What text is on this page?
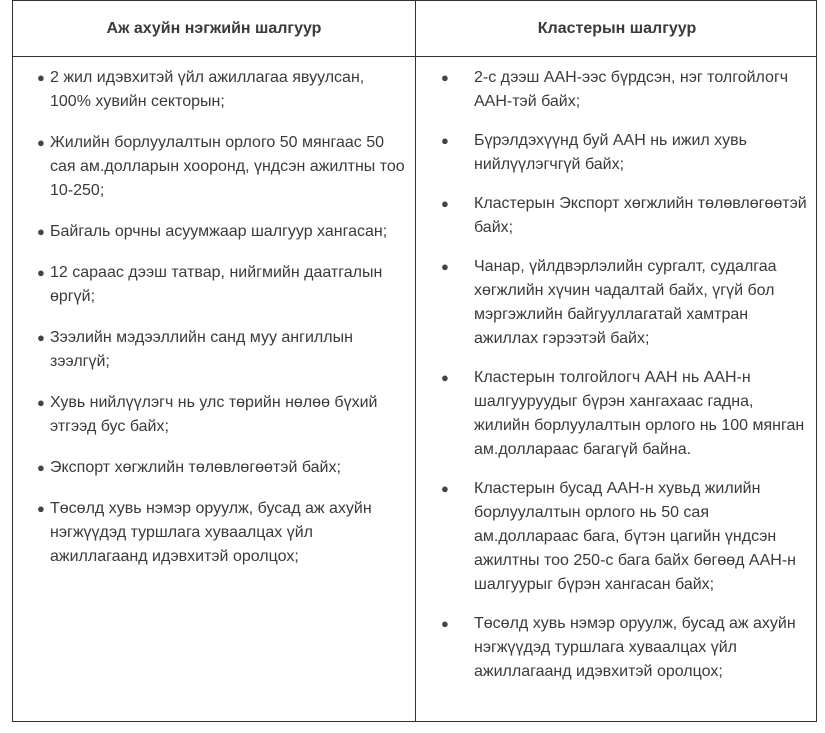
Аж ахуйн нэгжийн шалгуур	Кластерын шалгуур
● 2 жил идэвхитэй үйл ажиллагаа явуулсан, 100% хувийн секторын;
● Жилийн борлуулалтын орлого 50 мянгаас 50 сая ам.долларын хооронд, үндсэн ажилтны тоо 10-250;
● Байгаль орчны асуумжаар шалгуур хангасан;
● 12 сараас дээш татвар, нийгмийн даатгалын өргүй;
● Зээлийн мэдээллийн санд муу ангиллын зээлгүй;
● Хувь нийлүүлэгч нь улс төрийн нөлөө бүхий этгээд бус байх;
● Экспорт хөгжлийн төлөвлөгөөтэй байх;
● Төсөлд хувь нэмэр оруулж, бусад аж ахуйн нэгжүүдэд туршлага хуваалцах үйл ажиллагаанд идэвхитэй оролцох;
● 2-с дээш ААН-ээс бүрдсэн, нэг толгойлогч ААН-тэй байх;
● Бүрэлдэхүүнд буй ААН нь ижил хувь нийлүүлэгчгүй байх;
● Кластерын Экспорт хөгжлийн төлөвлөгөөтэй байх;
● Чанар, үйлдвэрлэлийн сургалт, судалгаа хөгжлийн хүчин чадалтай байх, үгүй бол мэргэжлийн байгууллагатай хамтран ажиллах гэрээтэй байх;
● Кластерын толгойлогч ААН нь ААН-н шалгууруудыг бүрэн хангахаас гадна, жилийн борлуулалтын орлого нь 100 мянган ам.доллараас багагүй байна.
● Кластерын бусад ААН-н хувьд жилийн борлуулалтын орлого нь 50 сая ам.доллараас бага, бүтэн цагийн үндсэн ажилтны тоо 250-с бага байх бөгөөд ААН-н шалгуурыг бүрэн хангасан байх;
● Төсөлд хувь нэмэр оруулж, бусад аж ахуйн нэгжүүдэд туршлага хуваалцах үйл ажиллагаанд идэвхитэй оролцох;
